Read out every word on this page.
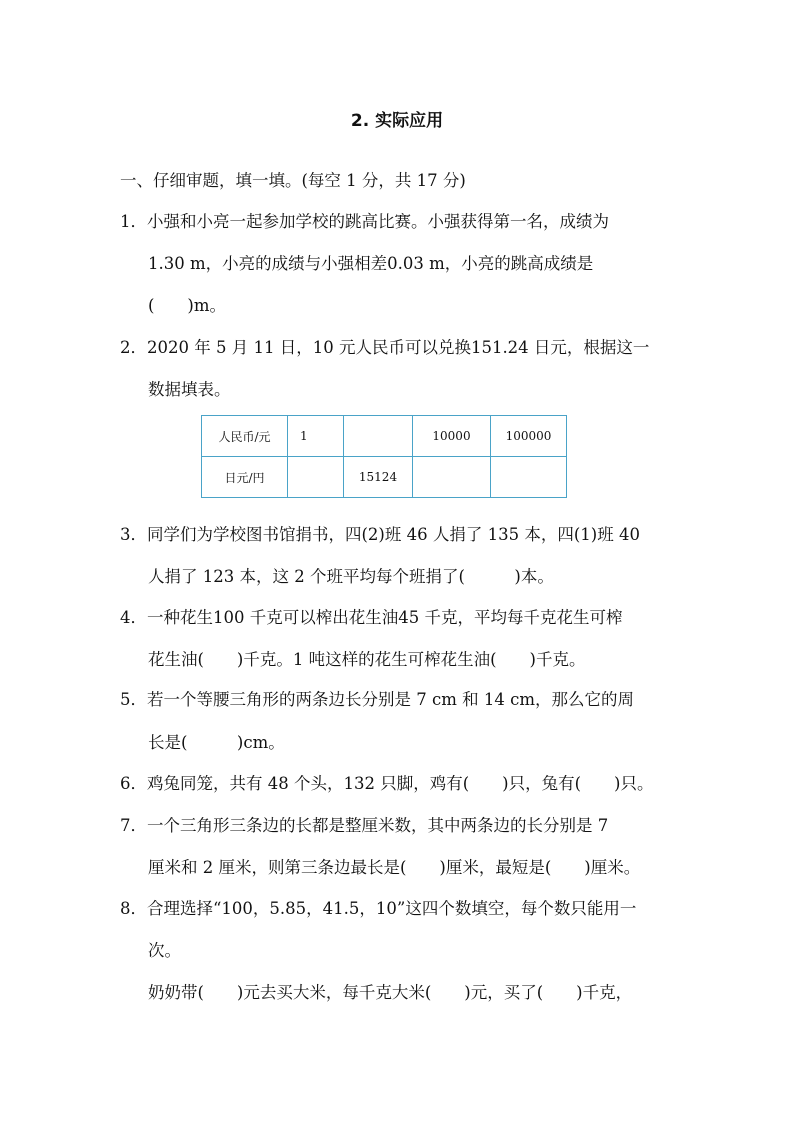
2. 实际应用
一、仔细审题，填一填。(每空 1 分，共 17 分)
1．小强和小亮一起参加学校的跳高比赛。小强获得第一名，成绩为
1.30 m，小亮的成绩与小强相差0.03 m，小亮的跳高成绩是
(　　)m。
2．2020 年 5 月 11 日，10 元人民币可以兑换151.24 日元，根据这一
数据填表。
人民币/元	1		10000	100000
日元/円		15124		
3．同学们为学校图书馆捐书，四(2)班 46 人捐了 135 本，四(1)班 40
人捐了 123 本，这 2 个班平均每个班捐了(　　　)本。
4．一种花生100 千克可以榨出花生油45 千克，平均每千克花生可榨
花生油(　　)千克。1 吨这样的花生可榨花生油(　　)千克。
5．若一个等腰三角形的两条边长分别是 7 cm 和 14 cm，那么它的周
长是(　　　)cm。
6．鸡兔同笼，共有 48 个头，132 只脚，鸡有(　　)只，兔有(　　)只。
7．一个三角形三条边的长都是整厘米数，其中两条边的长分别是 7
厘米和 2 厘米，则第三条边最长是(　　)厘米，最短是(　　)厘米。
8．合理选择“100，5.85，41.5，10”这四个数填空，每个数只能用一
次。
奶奶带(　　)元去买大米，每千克大米(　　)元，买了(　　)千克，
